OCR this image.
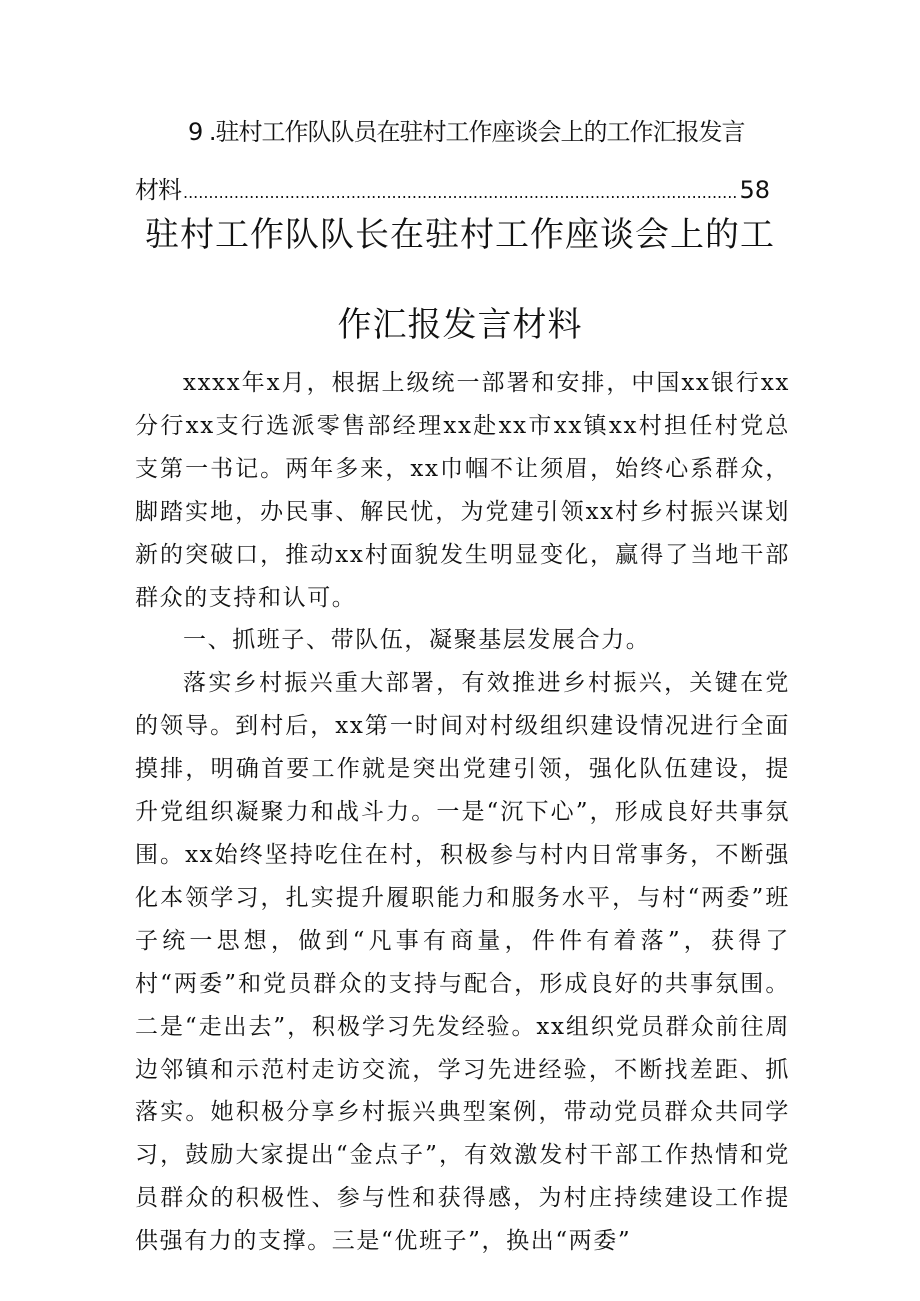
9 .驻村工作队队员在驻村工作座谈会上的工作汇报发言
材料
.....	58
驻村工作队队长在驻村工作座谈会上的工
作汇报发言材料

xxxx年x月，根据上级统一部署和安排，中国xx银行xx分行xx支行选派零售部经理xx赴xx市xx镇xx村担任村党总支第一书记。两年多来，xx巾帼不让须眉，始终心系群众，脚踏实地，办民事、解民忧，为党建引领xx村乡村振兴谋划新的突破口，推动xx村面貌发生明显变化，赢得了当地干部群众的支持和认可。

一、抓班子、带队伍，凝聚基层发展合力。

落实乡村振兴重大部署，有效推进乡村振兴，关键在党的领导。到村后，xx第一时间对村级组织建设情况进行全面摸排，明确首要工作就是突出党建引领，强化队伍建设，提升党组织凝聚力和战斗力。一是“沉下心”，形成良好共事氛围。xx始终坚持吃住在村，积极参与村内日常事务，不断强化本领学习，扎实提升履职能力和服务水平，与村“两委”班子统一思想，做到“凡事有商量，件件有着落”，获得了村“两委”和党员群众的支持与配合，形成良好的共事氛围。二是“走出去”，积极学习先发经验。xx组织党员群众前往周边邻镇和示范村走访交流，学习先进经验，不断找差距、抓落实。她积极分享乡村振兴典型案例，带动党员群众共同学习，鼓励大家提出“金点子”，有效激发村干部工作热情和党员群众的积极性、参与性和获得感，为村庄持续建设工作提供强有力的支撑。三是“优班子”，换出“两委”
